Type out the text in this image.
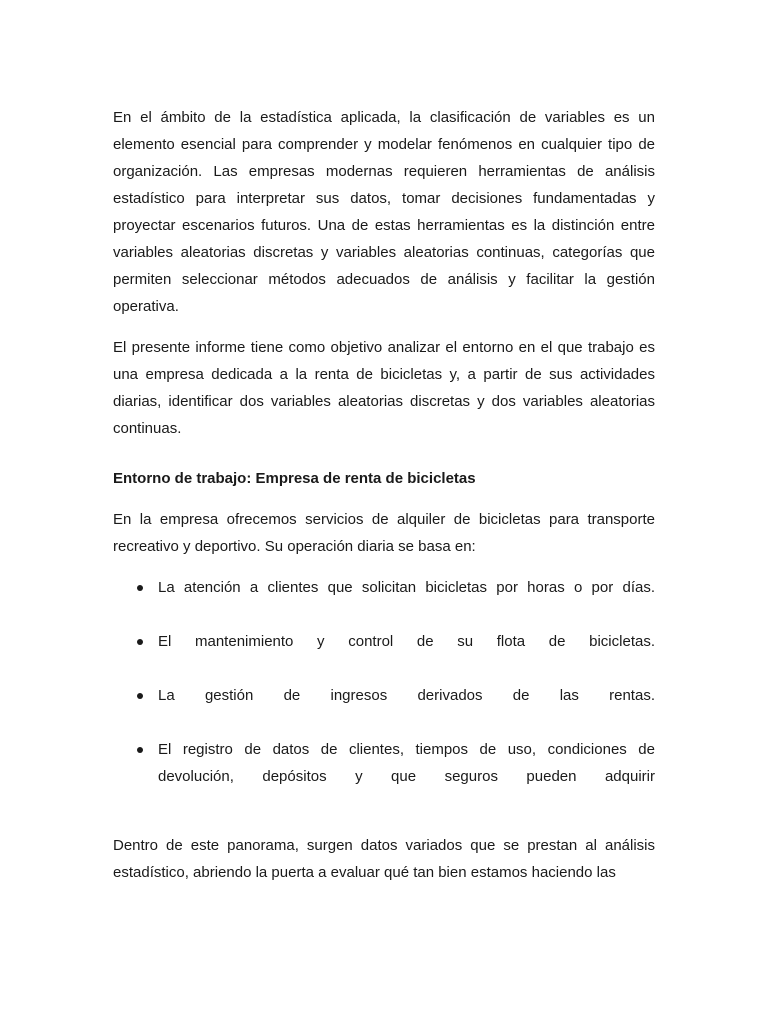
En el ámbito de la estadística aplicada, la clasificación de variables es un elemento esencial para comprender y modelar fenómenos en cualquier tipo de organización. Las empresas modernas requieren herramientas de análisis estadístico para interpretar sus datos, tomar decisiones fundamentadas y proyectar escenarios futuros. Una de estas herramientas es la distinción entre variables aleatorias discretas y variables aleatorias continuas, categorías que permiten seleccionar métodos adecuados de análisis y facilitar la gestión operativa.

El presente informe tiene como objetivo analizar el entorno en el que trabajo es una empresa dedicada a la renta de bicicletas y, a partir de sus actividades diarias, identificar dos variables aleatorias discretas y dos variables aleatorias continuas.

Entorno de trabajo: Empresa de renta de bicicletas

En la empresa ofrecemos servicios de alquiler de bicicletas para transporte recreativo y deportivo. Su operación diaria se basa en:

La atención a clientes que solicitan bicicletas por horas o por días.
El mantenimiento y control de su flota de bicicletas.
La gestión de ingresos derivados de las rentas.
El registro de datos de clientes, tiempos de uso, condiciones de devolución, depósitos y que seguros pueden adquirir

Dentro de este panorama, surgen datos variados que se prestan al análisis estadístico, abriendo la puerta a evaluar qué tan bien estamos haciendo las
